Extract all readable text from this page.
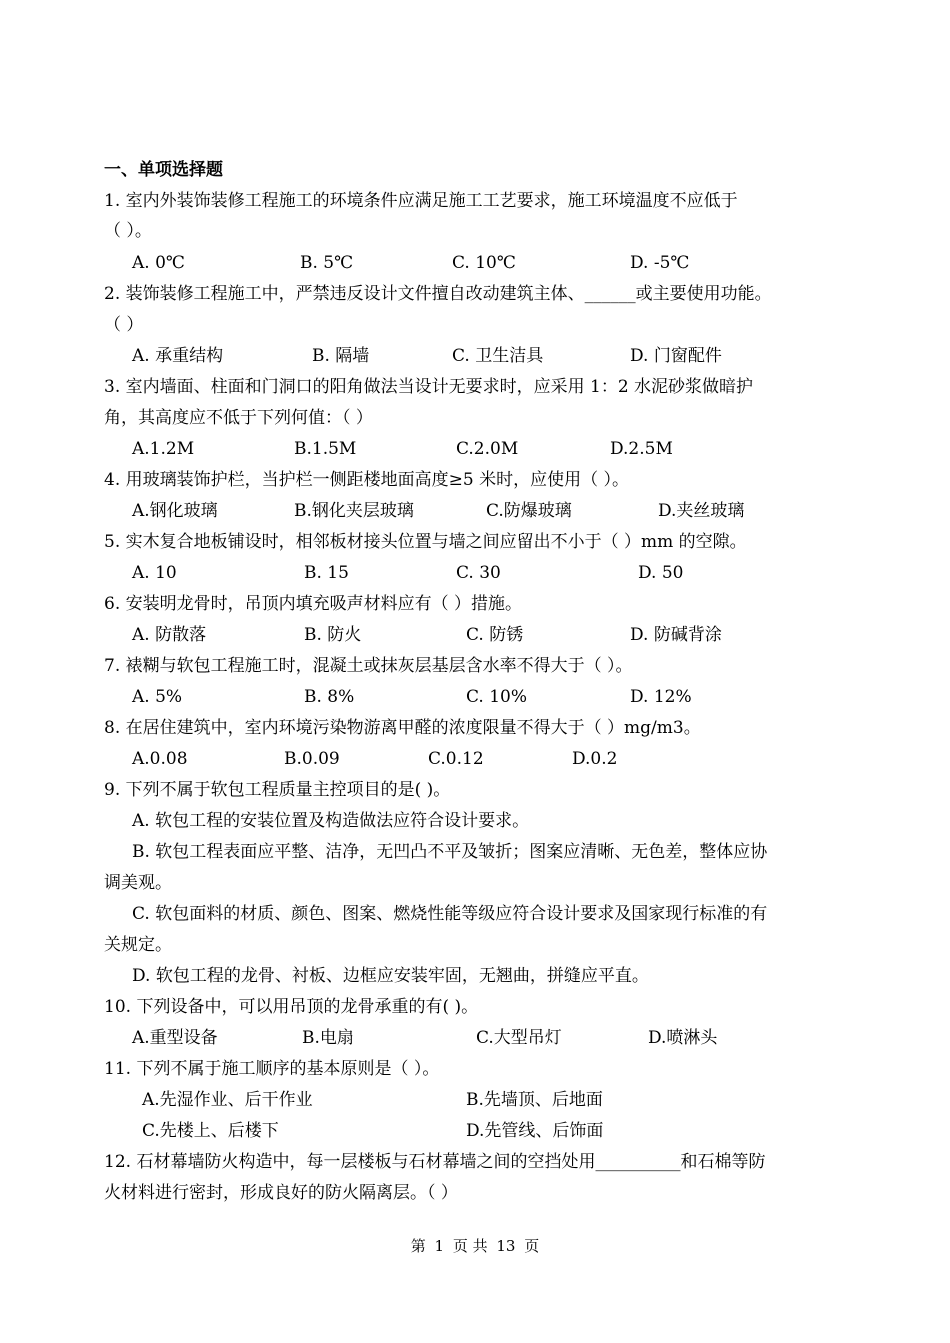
一、单项选择题
1. 室内外装饰装修工程施工的环境条件应满足施工工艺要求，施工环境温度不应低于
（ ）。
A. 0℃	B. 5℃	C. 10℃	D. -5℃
2. 装饰装修工程施工中，严禁违反设计文件擅自改动建筑主体、______或主要使用功能。
（ ）
A. 承重结构	B. 隔墙	C. 卫生洁具	D. 门窗配件
3. 室内墙面、柱面和门洞口的阳角做法当设计无要求时，应采用 1：2 水泥砂浆做暗护
角，其高度应不低于下列何值：（ ）
A.1.2M	B.1.5M	C.2.0M	D.2.5M
4. 用玻璃装饰护栏，当护栏一侧距楼地面高度≥5 米时，应使用（ ）。
A.钢化玻璃	B.钢化夹层玻璃	C.防爆玻璃	D.夹丝玻璃
5. 实木复合地板铺设时，相邻板材接头位置与墙之间应留出不小于（ ）mm 的空隙。
A. 10	B. 15	C. 30	D. 50
6. 安装明龙骨时，吊顶内填充吸声材料应有（ ）措施。
A. 防散落	B. 防火	C. 防锈	D. 防碱背涂
7. 裱糊与软包工程施工时，混凝土或抹灰层基层含水率不得大于（ ）。
A. 5%	B. 8%	C. 10%	D. 12%
8. 在居住建筑中，室内环境污染物游离甲醛的浓度限量不得大于（ ）mg/m3。
A.0.08	B.0.09	C.0.12	D.0.2
9. 下列不属于软包工程质量主控项目的是( )。
A. 软包工程的安装位置及构造做法应符合设计要求。
B. 软包工程表面应平整、洁净，无凹凸不平及皱折；图案应清晰、无色差，整体应协
调美观。
C. 软包面料的材质、颜色、图案、燃烧性能等级应符合设计要求及国家现行标准的有
关规定。
D. 软包工程的龙骨、衬板、边框应安装牢固，无翘曲，拼缝应平直。
10. 下列设备中，可以用吊顶的龙骨承重的有( )。
A.重型设备	B.电扇	C.大型吊灯	D.喷淋头
11. 下列不属于施工顺序的基本原则是（ ）。
A.先湿作业、后干作业	B.先墙顶、后地面
C.先楼上、后楼下	D.先管线、后饰面
12. 石材幕墙防火构造中，每一层楼板与石材幕墙之间的空挡处用__________和石棉等防
火材料进行密封，形成良好的防火隔离层。（ ）
第 1 页 共 13 页
